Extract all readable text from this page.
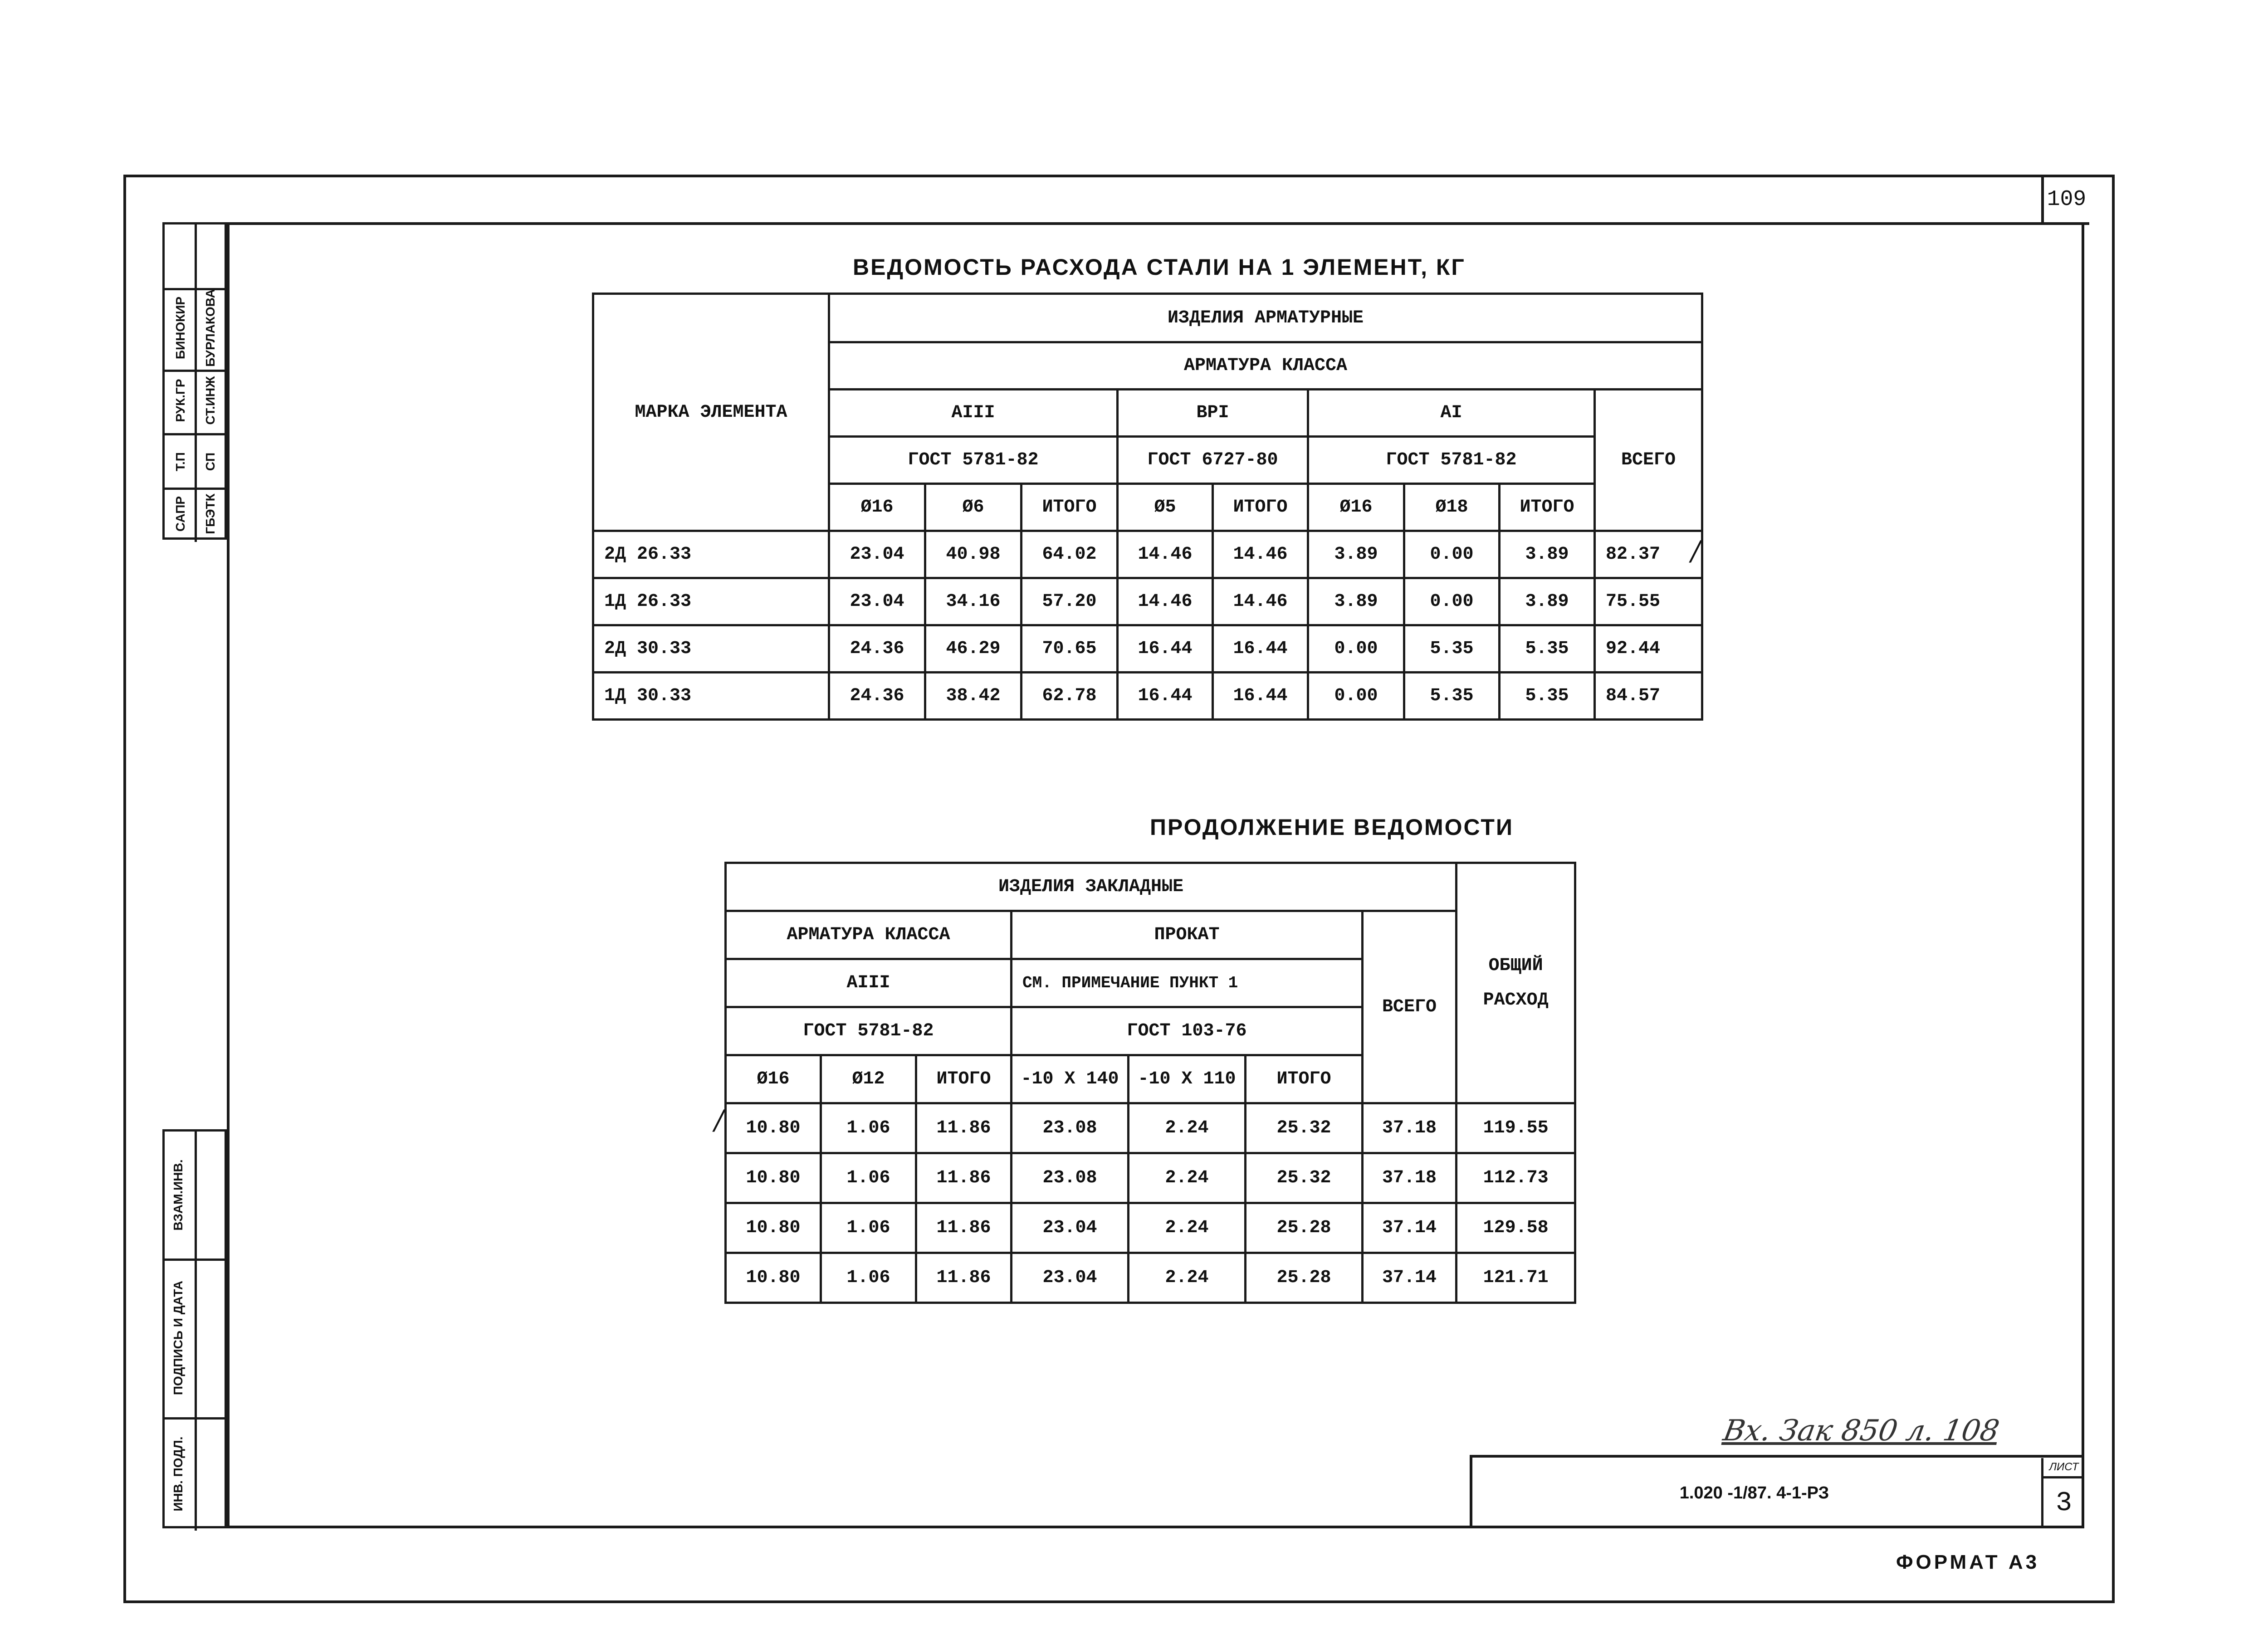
109
САПР	ГБЭТК
Т.П	СП
РУК.ГР	СТ.ИНЖ
БИНОКИР	БУРЛАКОВА
ВЗАМ.ИНВ.
ПОДПИСЬ И ДАТА
ИНВ. ПОДЛ.
ВЕДОМОСТЬ РАСХОДА СТАЛИ НА 1 ЭЛЕМЕНТ, КГ
МАРКА ЭЛЕМЕНТА	ИЗДЕЛИЯ АРМАТУРНЫЕ								
	АРМАТУРА КЛАССА								
	АIII			ВРI		АI			ВСЕГО
	ГОСТ 5781-82			ГОСТ 6727-80		ГОСТ 5781-82			
	Ø16	Ø6	ИТОГО	Ø5	ИТОГО	Ø16	Ø18	ИТОГО	
2Д 26.33	23.04	40.98	64.02	14.46	14.46	3.89	0.00	3.89	82.37
1Д 26.33	23.04	34.16	57.20	14.46	14.46	3.89	0.00	3.89	75.55
2Д 30.33	24.36	46.29	70.65	16.44	16.44	0.00	5.35	5.35	92.44
1Д 30.33	24.36	38.42	62.78	16.44	16.44	0.00	5.35	5.35	84.57
/
ПРОДОЛЖЕНИЕ ВЕДОМОСТИ
ИЗДЕЛИЯ ЗАКЛАДНЫЕ							ОБЩИЙ РАСХОД
АРМАТУРА КЛАССА			ПРОКАТ			ВСЕГО	
АIII			СМ. ПРИМЕЧАНИЕ ПУНКТ 1				
ГОСТ 5781-82			ГОСТ 103-76				
Ø16	Ø12	ИТОГО	-10 Х 140	-10 Х 110	ИТОГО		
10.80	1.06	11.86	23.08	2.24	25.32	37.18	119.55
10.80	1.06	11.86	23.08	2.24	25.32	37.18	112.73
10.80	1.06	11.86	23.04	2.24	25.28	37.14	129.58
10.80	1.06	11.86	23.04	2.24	25.28	37.14	121.71
/
Вх. Зак 850 л. 108
1.020 -1/87. 4-1-РЗ
ЛИСТ
3
ФОРМАТ А3
